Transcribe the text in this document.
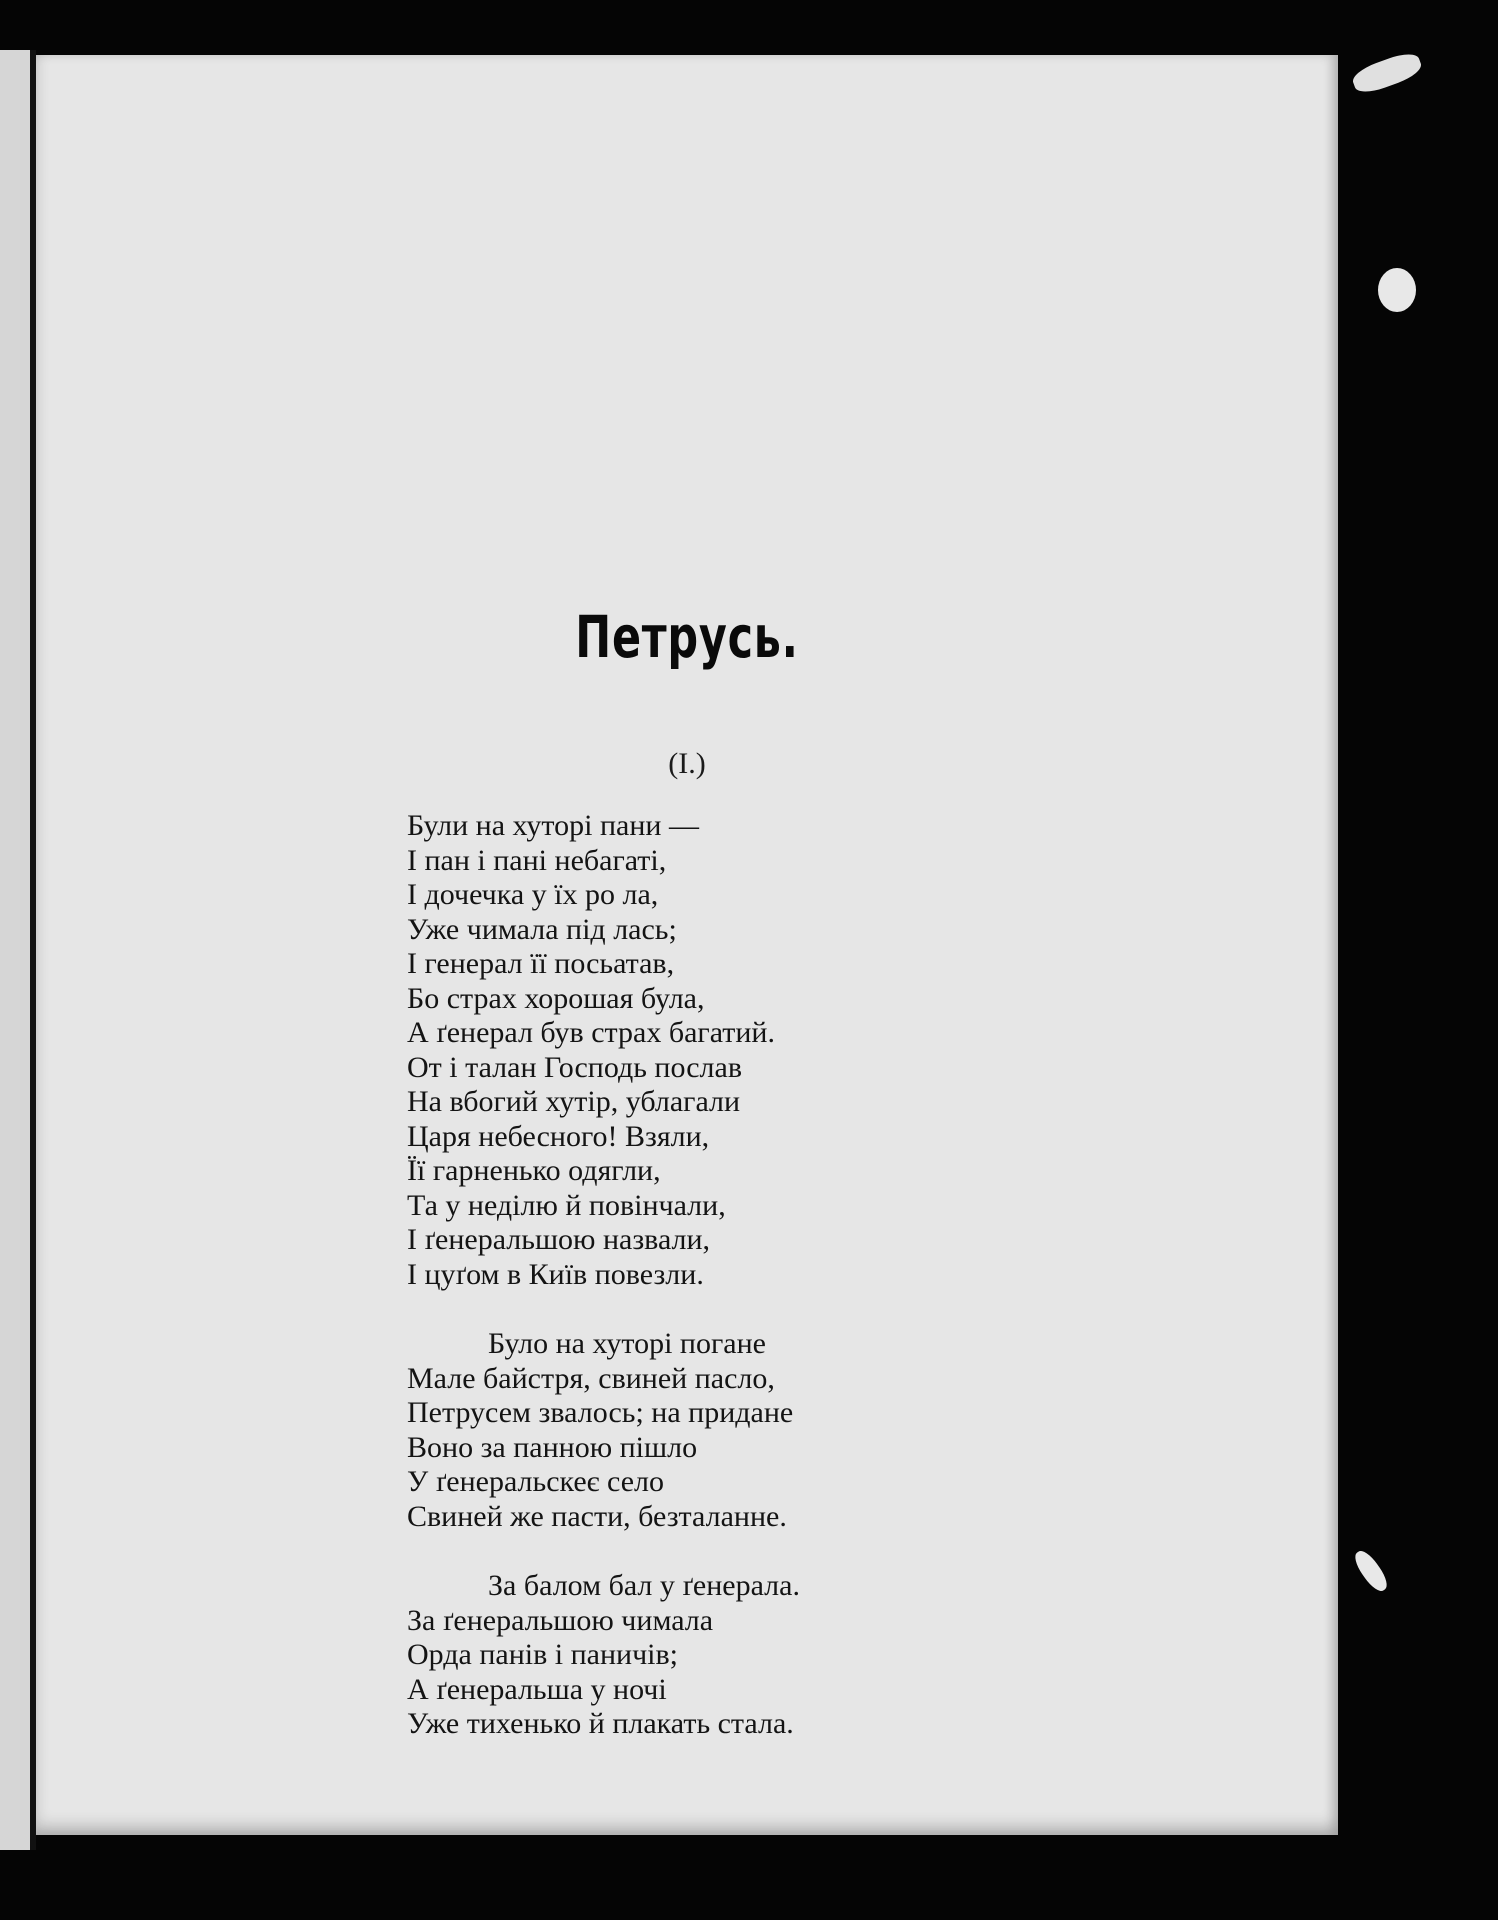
Петрусь.

(I.)

Були на хуторі пани —
І пан і пані небагаті,
І дочечка у їх ро ла,
Уже чимала під лась;
І генерал її посьатав,
Бо страх хорошая була,
А ґенерал був страх багатий.
От і талан Господь послав
На вбогий хутір, ублагали
Царя небесного! Взяли,
Її гарненько одягли,
Та у неділю й повінчали,
І ґенеральшою назвали,
І цуґом в Київ повезли.
Було на хуторі погане
Мале байстря, свиней пасло,
Петрусем звалось; на придане
Воно за панною пішло
У ґенеральскеє село
Свиней же пасти, безталанне.
За балом бал у ґенерала.
За ґенеральшою чимала
Орда панів і паничів;
А ґенеральша у ночі
Уже тихенько й плакать стала.
